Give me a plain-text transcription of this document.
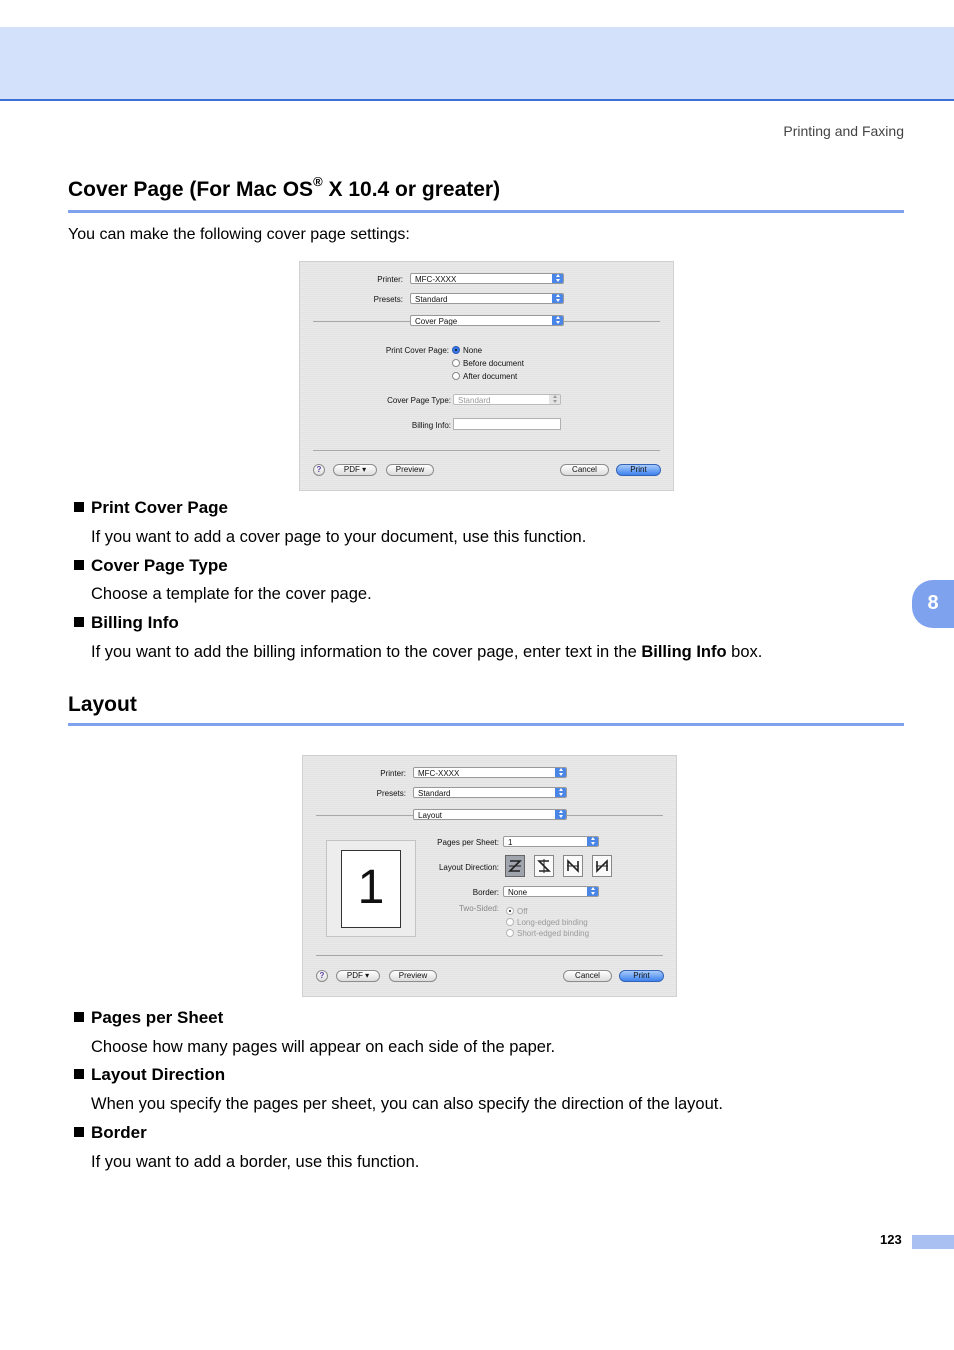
Printing and Faxing
Cover Page (For Mac OS® X 10.4 or greater)
You can make the following cover page settings:
Printer:	MFC-XXXX
Presets:	Standard
Cover Page
Print Cover Page: None
Before document
After document
Cover Page Type: Standard
Billing Info:
?	PDF ▾	Preview	Cancel	Print
Print Cover Page
If you want to add a cover page to your document, use this function.
Cover Page Type
Choose a template for the cover page.
Billing Info
If you want to add the billing information to the cover page, enter text in the Billing Info box.
Layout
Printer:	MFC-XXXX
Presets:	Standard
Layout
1
Pages per Sheet:	1
Layout Direction:
Border:	None
Two-Sided: Off
Long-edged binding
Short-edged binding
?	PDF ▾	Preview	Cancel	Print
Pages per Sheet
Choose how many pages will appear on each side of the paper.
Layout Direction
When you specify the pages per sheet, you can also specify the direction of the layout.
Border
If you want to add a border, use this function.
8
123
